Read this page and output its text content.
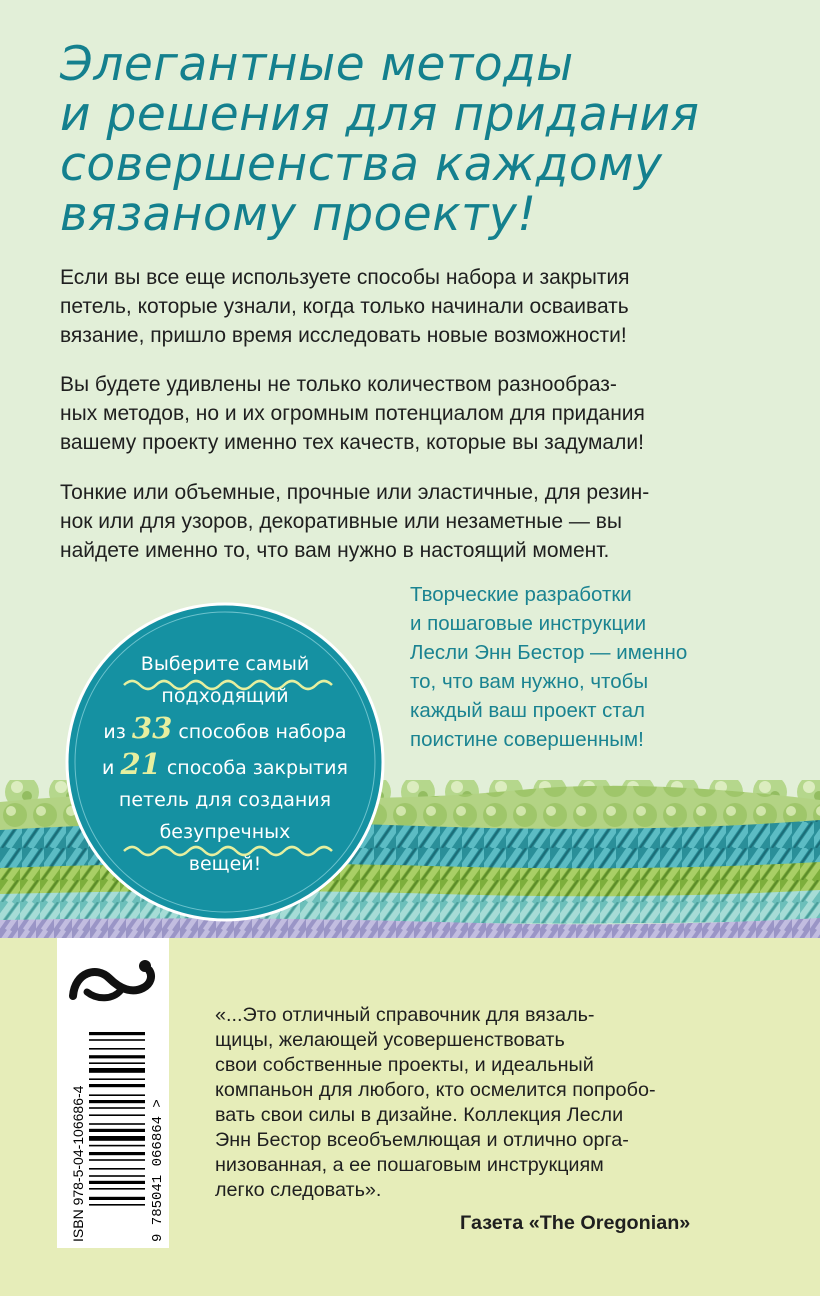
Элегантные методы
и решения для придания
совершенства каждому
вязаному проекту!

Если вы все еще используете способы набора и закрытия
петель, которые узнали, когда только начинали осваивать
вязание, пришло время исследовать новые возможности!

Вы будете удивлены не только количеством разнообраз-
ных методов, но и их огромным потенциалом для придания
вашему проекту именно тех качеств, которые вы задумали!

Тонкие или объемные, прочные или эластичные, для резин-
нок или для узоров, декоративные или незаметные — вы
найдете именно то, что вам нужно в настоящий момент.

Творческие разработки
и пошаговые инструкции
Лесли Энн Бестор — именно
то, что вам нужно, чтобы
каждый ваш проект стал
поистине совершенным!

Выберите самый
подходящий
из 33 способов набора
и 21 способа закрытия
петель для создания
безупречных
вещей!

ISBN 978-5-04-106686-4	9 785041 066864 >

«...Это отличный справочник для вязаль-
щицы, желающей усовершенствовать
свои собственные проекты, и идеальный
компаньон для любого, кто осмелится попробо-
вать свои силы в дизайне. Коллекция Лесли
Энн Бестор всеобъемлющая и отлично орга-
низованная, а ее пошаговым инструкциям
легко следовать».

Газета «The Oregonian»
